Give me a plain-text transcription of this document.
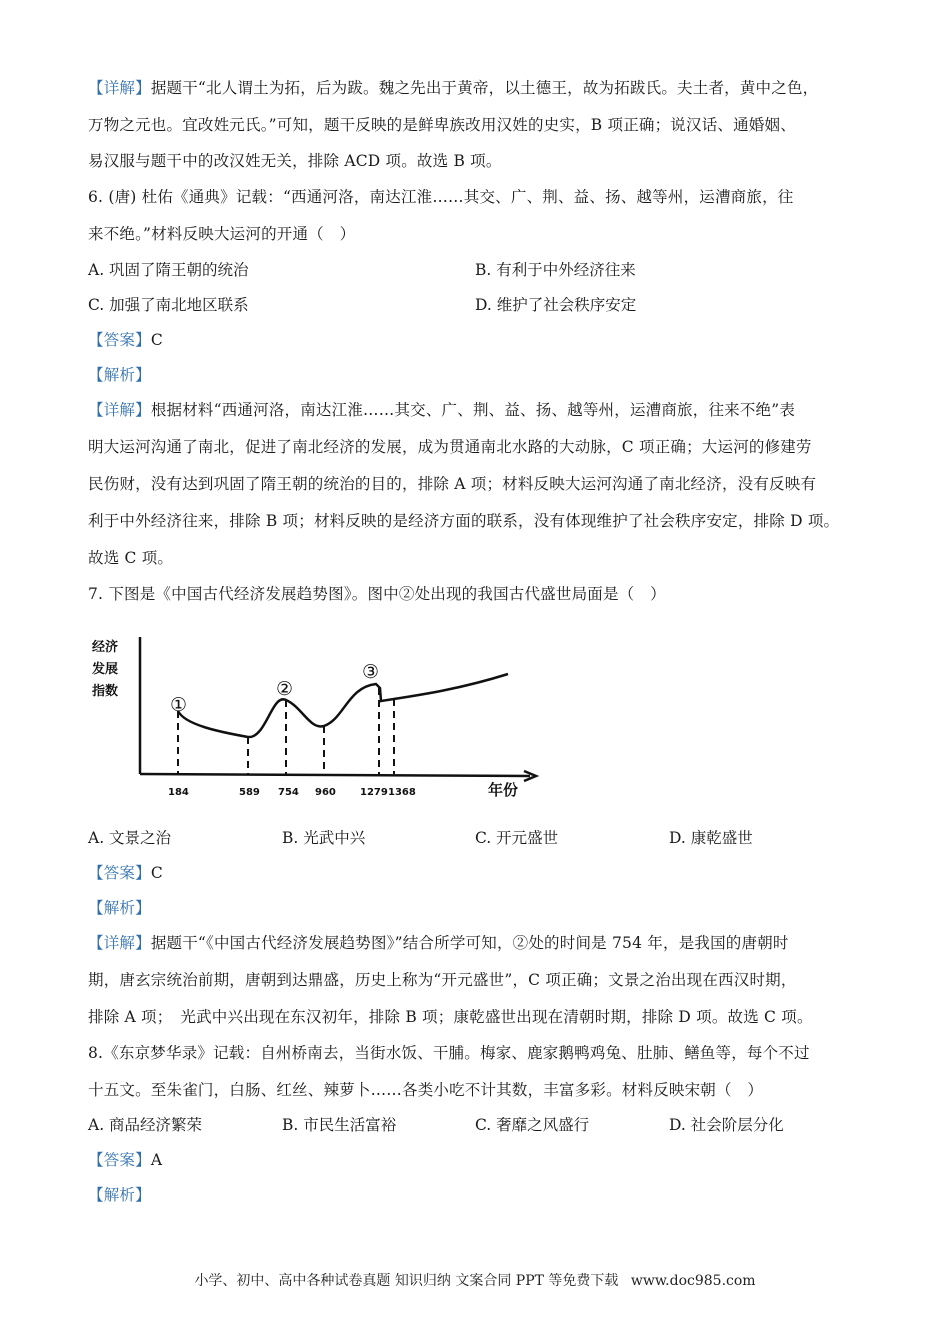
【详解】据题干“北人谓土为拓，后为跋。魏之先出于黄帝，以土德王，故为拓跋氏。夫土者，黄中之色，
万物之元也。宜改姓元氏。”可知，题干反映的是鲜卑族改用汉姓的史实，B 项正确；说汉话、通婚姻、
易汉服与题干中的改汉姓无关，排除 ACD 项。故选 B 项。
6. (唐) 杜佑《通典》记载：“西通河洛，南达江淮……其交、广、荆、益、扬、越等州，运漕商旅，往
来不绝。”材料反映大运河的开通（　）
A. 巩固了隋王朝的统治	B. 有利于中外经济往来
C. 加强了南北地区联系	D. 维护了社会秩序安定
【答案】C
【解析】
【详解】根据材料“西通河洛，南达江淮……其交、广、荆、益、扬、越等州，运漕商旅，往来不绝”表
明大运河沟通了南北，促进了南北经济的发展，成为贯通南北水路的大动脉，C 项正确；大运河的修建劳
民伤财，没有达到巩固了隋王朝的统治的目的，排除 A 项；材料反映大运河沟通了南北经济，没有反映有
利于中外经济往来，排除 B 项；材料反映的是经济方面的联系，没有体现维护了社会秩序安定，排除 D 项。
故选 C 项。
7. 下图是《中国古代经济发展趋势图》。图中②处出现的我国古代盛世局面是（　）
经济
发展
指数
①
②
③
184	589 754 960 1279 1368	年份
A. 文景之治	B. 光武中兴	C. 开元盛世	D. 康乾盛世
【答案】C
【解析】
【详解】据题干“《中国古代经济发展趋势图》”结合所学可知，②处的时间是 754 年，是我国的唐朝时
期，唐玄宗统治前期，唐朝到达鼎盛，历史上称为“开元盛世”，C 项正确；文景之治出现在西汉时期，
排除 A 项；　光武中兴出现在东汉初年，排除 B 项；康乾盛世出现在清朝时期，排除 D 项。故选 C 项。
8.《东京梦华录》记载：自州桥南去，当街水饭、干脯。梅家、鹿家鹅鸭鸡兔、肚肺、鳝鱼等，每个不过
十五文。至朱雀门，白肠、红丝、辣萝卜……各类小吃不计其数，丰富多彩。材料反映宋朝（　）
A. 商品经济繁荣	B. 市民生活富裕	C. 奢靡之风盛行	D. 社会阶层分化
【答案】A
【解析】
小学、初中、高中各种试卷真题 知识归纳 文案合同 PPT 等免费下载 www.doc985.com
